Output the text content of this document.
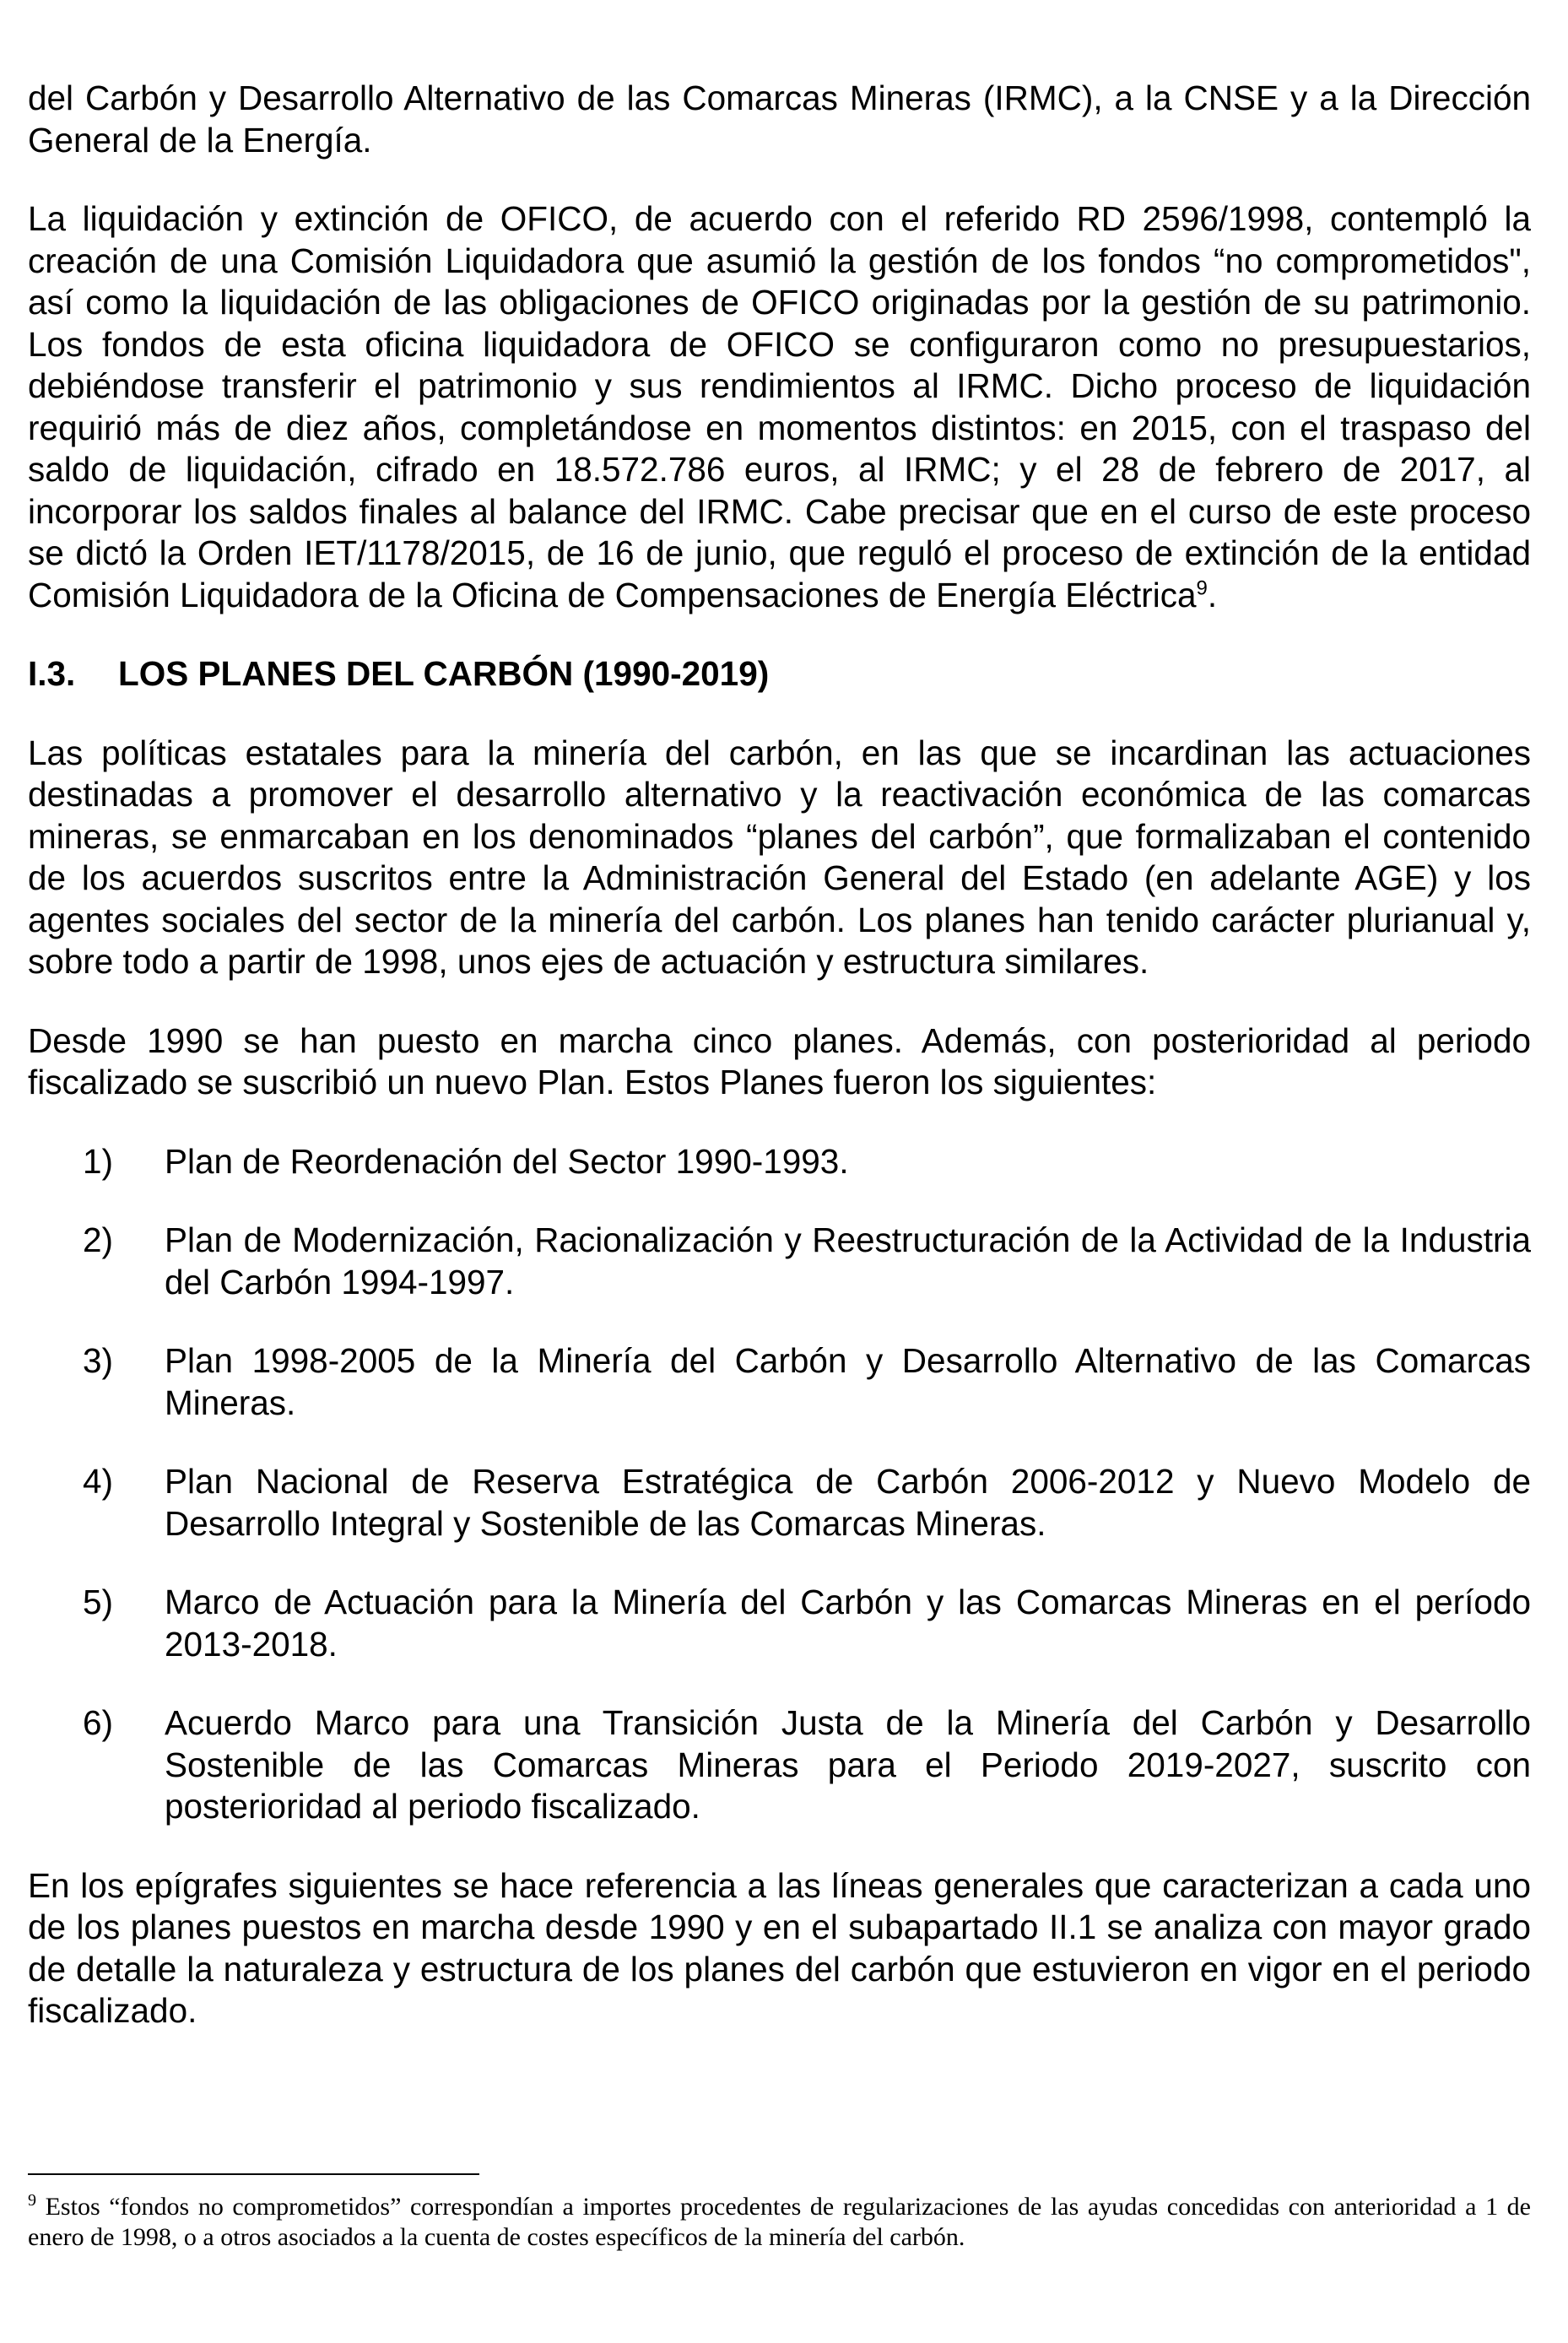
del Carbón y Desarrollo Alternativo de las Comarcas Mineras (IRMC), a la CNSE y a la Dirección General de la Energía.

La liquidación y extinción de OFICO, de acuerdo con el referido RD 2596/1998, contempló la creación de una Comisión Liquidadora que asumió la gestión de los fondos “no comprometidos", así como la liquidación de las obligaciones de OFICO originadas por la gestión de su patrimonio. Los fondos de esta oficina liquidadora de OFICO se configuraron como no presupuestarios, debiéndose transferir el patrimonio y sus rendimientos al IRMC. Dicho proceso de liquidación requirió más de diez años, completándose en momentos distintos: en 2015, con el traspaso del saldo de liquidación, cifrado en 18.572.786 euros, al IRMC; y el 28 de febrero de 2017, al incorporar los saldos finales al balance del IRMC. Cabe precisar que en el curso de este proceso se dictó la Orden IET/1178/2015, de 16 de junio, que reguló el proceso de extinción de la entidad Comisión Liquidadora de la Oficina de Compensaciones de Energía Eléctrica$^9$.

I.3.	LOS PLANES DEL CARBÓN (1990-2019)

Las políticas estatales para la minería del carbón, en las que se incardinan las actuaciones destinadas a promover el desarrollo alternativo y la reactivación económica de las comarcas mineras, se enmarcaban en los denominados “planes del carbón”, que formalizaban el contenido de los acuerdos suscritos entre la Administración General del Estado (en adelante AGE) y los agentes sociales del sector de la minería del carbón. Los planes han tenido carácter plurianual y, sobre todo a partir de 1998, unos ejes de actuación y estructura similares.

Desde 1990 se han puesto en marcha cinco planes. Además, con posterioridad al periodo fiscalizado se suscribió un nuevo Plan. Estos Planes fueron los siguientes:

1)	Plan de Reordenación del Sector 1990-1993.
2)	Plan de Modernización, Racionalización y Reestructuración de la Actividad de la Industria del Carbón 1994-1997.
3)	Plan 1998-2005 de la Minería del Carbón y Desarrollo Alternativo de las Comarcas Mineras.
4)	Plan Nacional de Reserva Estratégica de Carbón 2006-2012 y Nuevo Modelo de Desarrollo Integral y Sostenible de las Comarcas Mineras.
5)	Marco de Actuación para la Minería del Carbón y las Comarcas Mineras en el período 2013-2018.
6)	Acuerdo Marco para una Transición Justa de la Minería del Carbón y Desarrollo Sostenible de las Comarcas Mineras para el Periodo 2019-2027, suscrito con posterioridad al periodo fiscalizado.

En los epígrafes siguientes se hace referencia a las líneas generales que caracterizan a cada uno de los planes puestos en marcha desde 1990 y en el subapartado II.1 se analiza con mayor grado de detalle la naturaleza y estructura de los planes del carbón que estuvieron en vigor en el periodo fiscalizado.

$^9$ Estos “fondos no comprometidos” correspondían a importes procedentes de regularizaciones de las ayudas concedidas con anterioridad a 1 de enero de 1998, o a otros asociados a la cuenta de costes específicos de la minería del carbón.
